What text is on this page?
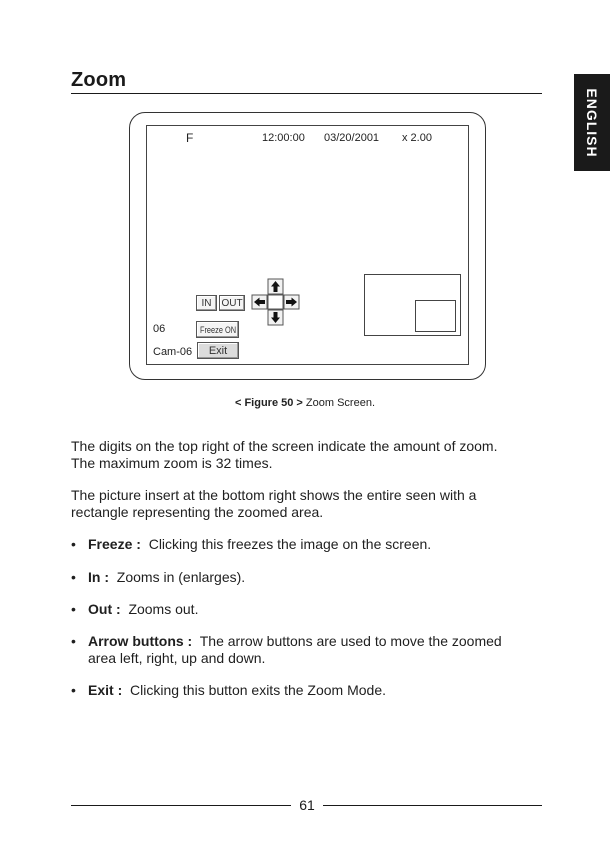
Zoom
ENGLISH
F	12:00:00 03/20/2001 x 2.00
IN OUT
06	Freeze ON
Cam-06 Exit
< Figure 50 > Zoom Screen.
The digits on the top right of the screen indicate the amount of zoom.
The maximum zoom is 32 times.
The picture insert at the bottom right shows the entire seen with a
rectangle representing the zoomed area.
• Freeze : Clicking this freezes the image on the screen.
• In : Zooms in (enlarges).
• Out : Zooms out.
• Arrow buttons : The arrow buttons are used to move the zoomed
area left, right, up and down.
• Exit : Clicking this button exits the Zoom Mode.
61
